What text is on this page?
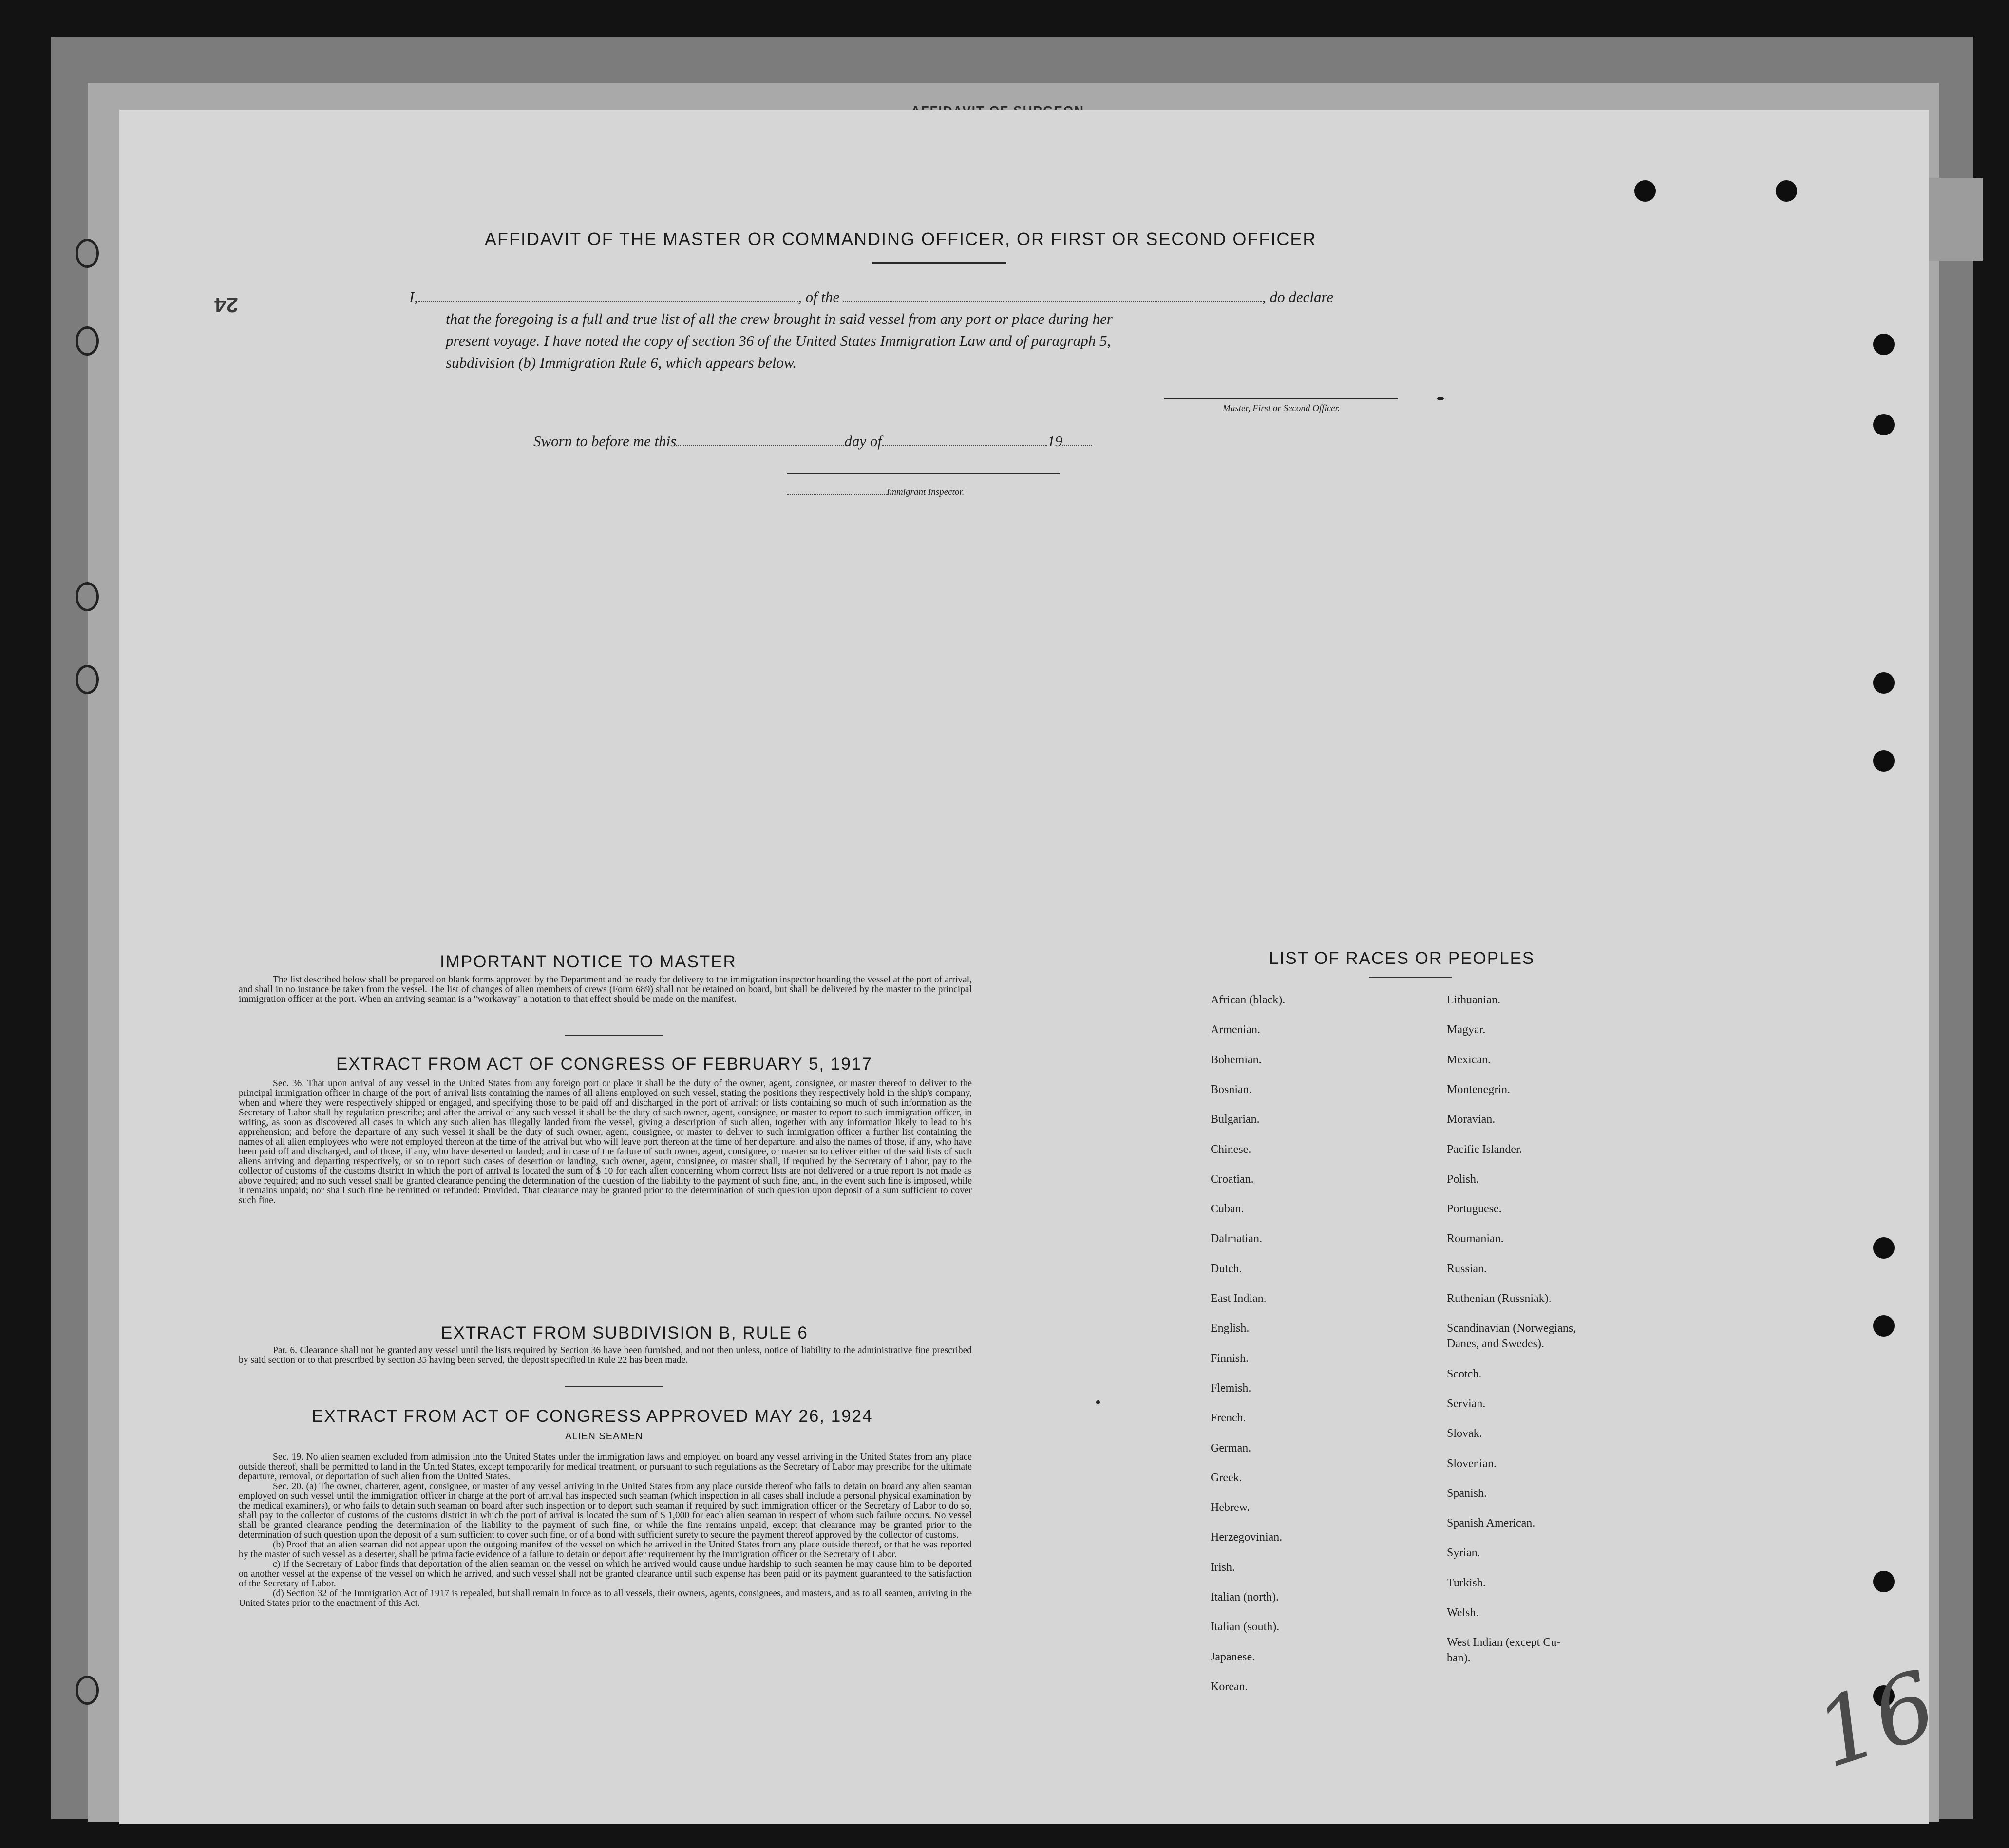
24
AFFIDAVIT OF THE MASTER OR COMMANDING OFFICER, OR FIRST OR SECOND OFFICER
I,	, of the	, do declare
that the foregoing is a full and true list of all the crew brought in said vessel from any port or place during her
present voyage. I have noted the copy of section 36 of the United States Immigration Law and of paragraph 5,
subdivision (b) Immigration Rule 6, which appears below.
Master, First or Second Officer.
Sworn to before me this	day of	19
Immigrant Inspector.
IMPORTANT NOTICE TO MASTER

The list described below shall be prepared on blank forms approved by the Department and be ready for delivery to the immigration inspector boarding the vessel at the port of arrival, and shall in no instance be taken from the vessel. The list of changes of alien members of crews (Form 689) shall not be retained on board, but shall be delivered by the master to the principal immigration officer at the port. When an arriving seaman is a "workaway" a notation to that effect should be made on the manifest.

EXTRACT FROM ACT OF CONGRESS OF FEBRUARY 5, 1917

Sec. 36. That upon arrival of any vessel in the United States from any foreign port or place it shall be the duty of the owner, agent, consignee, or master thereof to deliver to the principal immigration officer in charge of the port of arrival lists containing the names of all aliens employed on such vessel, stating the positions they respectively hold in the ship's company, when and where they were respectively shipped or engaged, and specifying those to be paid off and discharged in the port of arrival: or lists containing so much of such information as the Secretary of Labor shall by regulation prescribe; and after the arrival of any such vessel it shall be the duty of such owner, agent, consignee, or master to report to such immigration officer, in writing, as soon as discovered all cases in which any such alien has illegally landed from the vessel, giving a description of such alien, together with any information likely to lead to his apprehension; and before the departure of any such vessel it shall be the duty of such owner, agent, consignee, or master to deliver to such immigration officer a further list containing the names of all alien employees who were not employed thereon at the time of the arrival but who will leave port thereon at the time of her departure, and also the names of those, if any, who have been paid off and discharged, and of those, if any, who have deserted or landed; and in case of the failure of such owner, agent, consignee, or master so to deliver either of the said lists of such aliens arriving and departing respectively, or so to report such cases of desertion or landing, such owner, agent, consignee, or master shall, if required by the Secretary of Labor, pay to the collector of customs of the customs district in which the port of arrival is located the sum of $ 10 for each alien concerning whom correct lists are not delivered or a true report is not made as above required; and no such vessel shall be granted clearance pending the determination of the question of the liability to the payment of such fine, and, in the event such fine is imposed, while it remains unpaid; nor shall such fine be remitted or refunded: Provided. That clearance may be granted prior to the determination of such question upon deposit of a sum sufficient to cover such fine.

EXTRACT FROM SUBDIVISION B, RULE 6

Par. 6. Clearance shall not be granted any vessel until the lists required by Section 36 have been furnished, and not then unless, notice of liability to the administrative fine prescribed by said section or to that prescribed by section 35 having been served, the deposit specified in Rule 22 has been made.

EXTRACT FROM ACT OF CONGRESS APPROVED MAY 26, 1924
ALIEN SEAMEN

Sec. 19. No alien seamen excluded from admission into the United States under the immigration laws and employed on board any vessel arriving in the United States from any place outside thereof, shall be permitted to land in the United States, except temporarily for medical treatment, or pursuant to such regulations as the Secretary of Labor may prescribe for the ultimate departure, removal, or deportation of such alien from the United States.

Sec. 20. (a) The owner, charterer, agent, consignee, or master of any vessel arriving in the United States from any place outside thereof who fails to detain on board any alien seaman employed on such vessel until the immigration officer in charge at the port of arrival has inspected such seaman (which inspection in all cases shall include a personal physical examination by the medical examiners), or who fails to detain such seaman on board after such inspection or to deport such seaman if required by such immigration officer or the Secretary of Labor to do so, shall pay to the collector of customs of the customs district in which the port of arrival is located the sum of $ 1,000 for each alien seaman in respect of whom such failure occurs. No vessel shall be granted clearance pending the determination of the liability to the payment of such fine, or while the fine remains unpaid, except that clearance may be granted prior to the determination of such question upon the deposit of a sum sufficient to cover such fine, or of a bond with sufficient surety to secure the payment thereof approved by the collector of customs.

(b) Proof that an alien seaman did not appear upon the outgoing manifest of the vessel on which he arrived in the United States from any place outside thereof, or that he was reported by the master of such vessel as a deserter, shall be prima facie evidence of a failure to detain or deport after requirement by the immigration officer or the Secretary of Labor.

c) If the Secretary of Labor finds that deportation of the alien seaman on the vessel on which he arrived would cause undue hardship to such seamen he may cause him to be deported on another vessel at the expense of the vessel on which he arrived, and such vessel shall not be granted clearance until such expense has been paid or its payment guaranteed to the satisfaction of the Secretary of Labor.

(d) Section 32 of the Immigration Act of 1917 is repealed, but shall remain in force as to all vessels, their owners, agents, consignees, and masters, and as to all seamen, arriving in the United States prior to the enactment of this Act.

LIST OF RACES OR PEOPLES
African (black).
Armenian.
Bohemian.
Bosnian.
Bulgarian.
Chinese.
Croatian.
Cuban.
Dalmatian.
Dutch.
East Indian.
English.
Finnish.
Flemish.
French.
German.
Greek.
Hebrew.
Herzegovinian.
Irish.
Italian (north).
Italian (south).
Japanese.
Korean.
Lithuanian.
Magyar.
Mexican.
Montenegrin.
Moravian.
Pacific Islander.
Polish.
Portuguese.
Roumanian.
Russian.
Ruthenian (Russniak).
Scandinavian (Norwegians,
Danes, and Swedes).
Scotch.
Servian.
Slovak.
Slovenian.
Spanish.
Spanish American.
Syrian.
Turkish.
Welsh.
West Indian (except Cu-
ban).	16
